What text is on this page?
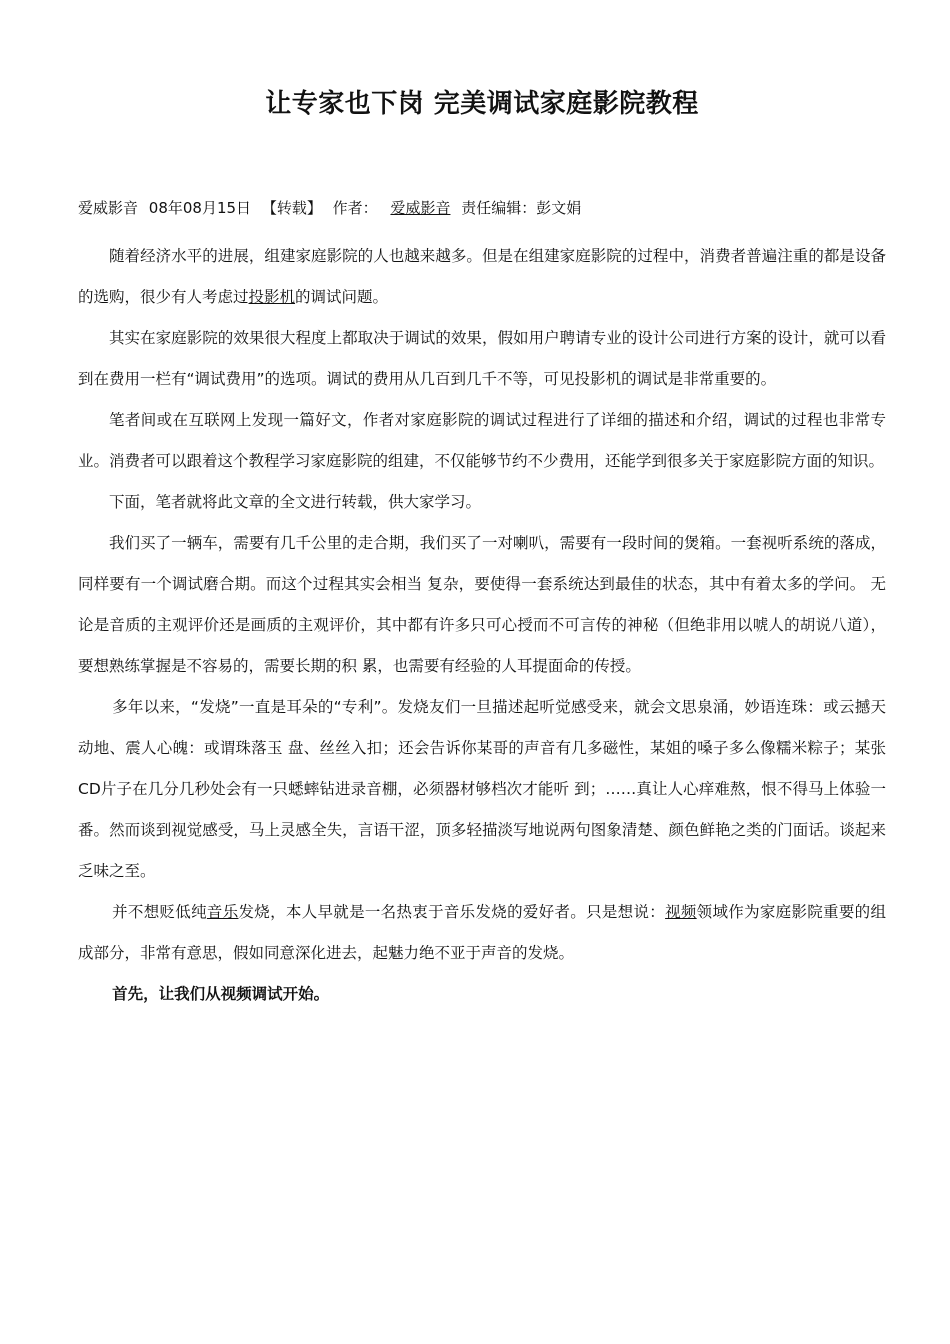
让专家也下岗 完美调试家庭影院教程
爱威影音 08年08月15日 【转载】 作者： 爱威影音 责任编辑：彭文娟

随着经济水平的进展，组建家庭影院的人也越来越多。但是在组建家庭影院的过程中，消费者普遍注重的都是设备的选购，很少有人考虑过投影机的调试问题。

其实在家庭影院的效果很大程度上都取决于调试的效果，假如用户聘请专业的设计公司进行方案的设计，就可以看到在费用一栏有“调试费用”的选项。调试的费用从几百到几千不等，可见投影机的调试是非常重要的。

笔者间或在互联网上发现一篇好文，作者对家庭影院的调试过程进行了详细的描述和介绍，调试的过程也非常专业。消费者可以跟着这个教程学习家庭影院的组建，不仅能够节约不少费用，还能学到很多关于家庭影院方面的知识。

下面，笔者就将此文章的全文进行转载，供大家学习。

我们买了一辆车，需要有几千公里的走合期，我们买了一对喇叭，需要有一段时间的煲箱。一套视听系统的落成，同样要有一个调试磨合期。而这个过程其实会相当 复杂，要使得一套系统达到最佳的状态，其中有着太多的学问。 无论是音质的主观评价还是画质的主观评价，其中都有许多只可心授而不可言传的神秘（但绝非用以唬人的胡说八道），要想熟练掌握是不容易的，需要长期的积 累，也需要有经验的人耳提面命的传授。

多年以来，“发烧”一直是耳朵的“专利”。发烧友们一旦描述起听觉感受来，就会文思泉涌，妙语连珠：或云撼天动地、震人心魄：或谓珠落玉 盘、丝丝入扣；还会告诉你某哥的声音有几多磁性，某姐的嗓子多么像糯米粽子；某张CD片子在几分几秒处会有一只蟋蟀钻进录音棚，必须器材够档次才能听 到；……真让人心痒难熬，恨不得马上体验一番。然而谈到视觉感受，马上灵感全失，言语干涩，顶多轻描淡写地说两句图象清楚、颜色鲜艳之类的门面话。谈起来 乏味之至。

并不想贬低纯音乐发烧，本人早就是一名热衷于音乐发烧的爱好者。只是想说：视频领域作为家庭影院重要的组成部分，非常有意思，假如同意深化进去，起魅力绝不亚于声音的发烧。

首先，让我们从视频调试开始。
